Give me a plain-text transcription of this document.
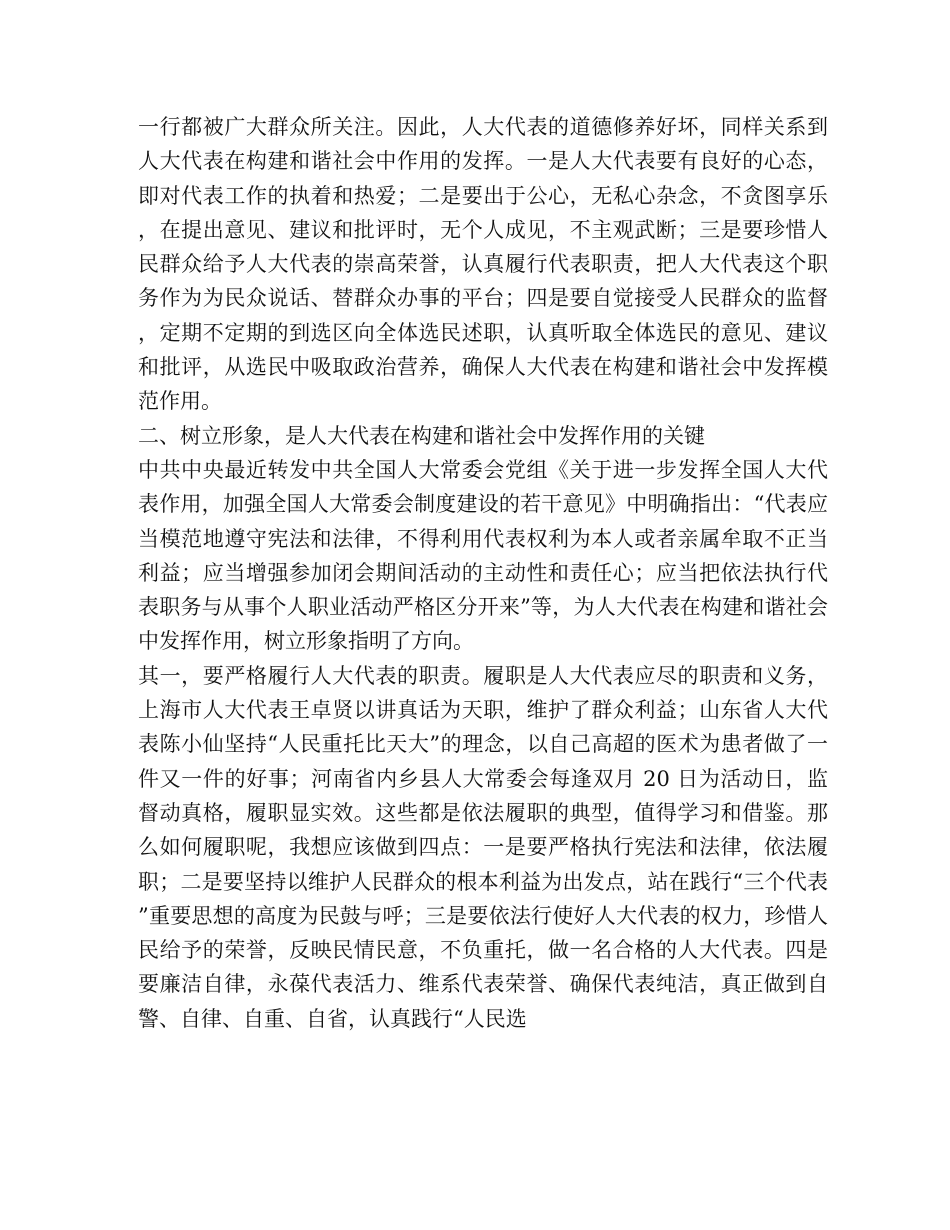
一行都被广大群众所关注。因此，人大代表的道德修养好坏，同样关系到人大代表在构建和谐社会中作用的发挥。一是人大代表要有良好的心态，即对代表工作的执着和热爱；二是要出于公心，无私心杂念，不贪图享乐，在提出意见、建议和批评时，无个人成见，不主观武断；三是要珍惜人民群众给予人大代表的崇高荣誉，认真履行代表职责，把人大代表这个职务作为为民众说话、替群众办事的平台；四是要自觉接受人民群众的监督，定期不定期的到选区向全体选民述职，认真听取全体选民的意见、建议和批评，从选民中吸取政治营养，确保人大代表在构建和谐社会中发挥模范作用。

二、树立形象，是人大代表在构建和谐社会中发挥作用的关键

中共中央最近转发中共全国人大常委会党组《关于进一步发挥全国人大代表作用，加强全国人大常委会制度建设的若干意见》中明确指出：“代表应当模范地遵守宪法和法律，不得利用代表权利为本人或者亲属牟取不正当利益；应当增强参加闭会期间活动的主动性和责任心；应当把依法执行代表职务与从事个人职业活动严格区分开来”等，为人大代表在构建和谐社会中发挥作用，树立形象指明了方向。

其一，要严格履行人大代表的职责。履职是人大代表应尽的职责和义务，上海市人大代表王卓贤以讲真话为天职，维护了群众利益；山东省人大代表陈小仙坚持“人民重托比天大”的理念，以自己高超的医术为患者做了一件又一件的好事；河南省内乡县人大常委会每逢双月 20 日为活动日，监督动真格，履职显实效。这些都是依法履职的典型，值得学习和借鉴。那么如何履职呢，我想应该做到四点：一是要严格执行宪法和法律，依法履职；二是要坚持以维护人民群众的根本利益为出发点，站在践行“三个代表”重要思想的高度为民鼓与呼；三是要依法行使好人大代表的权力，珍惜人民给予的荣誉，反映民情民意，不负重托，做一名合格的人大代表。四是要廉洁自律，永葆代表活力、维系代表荣誉、确保代表纯洁，真正做到自警、自律、自重、自省，认真践行“人民选
